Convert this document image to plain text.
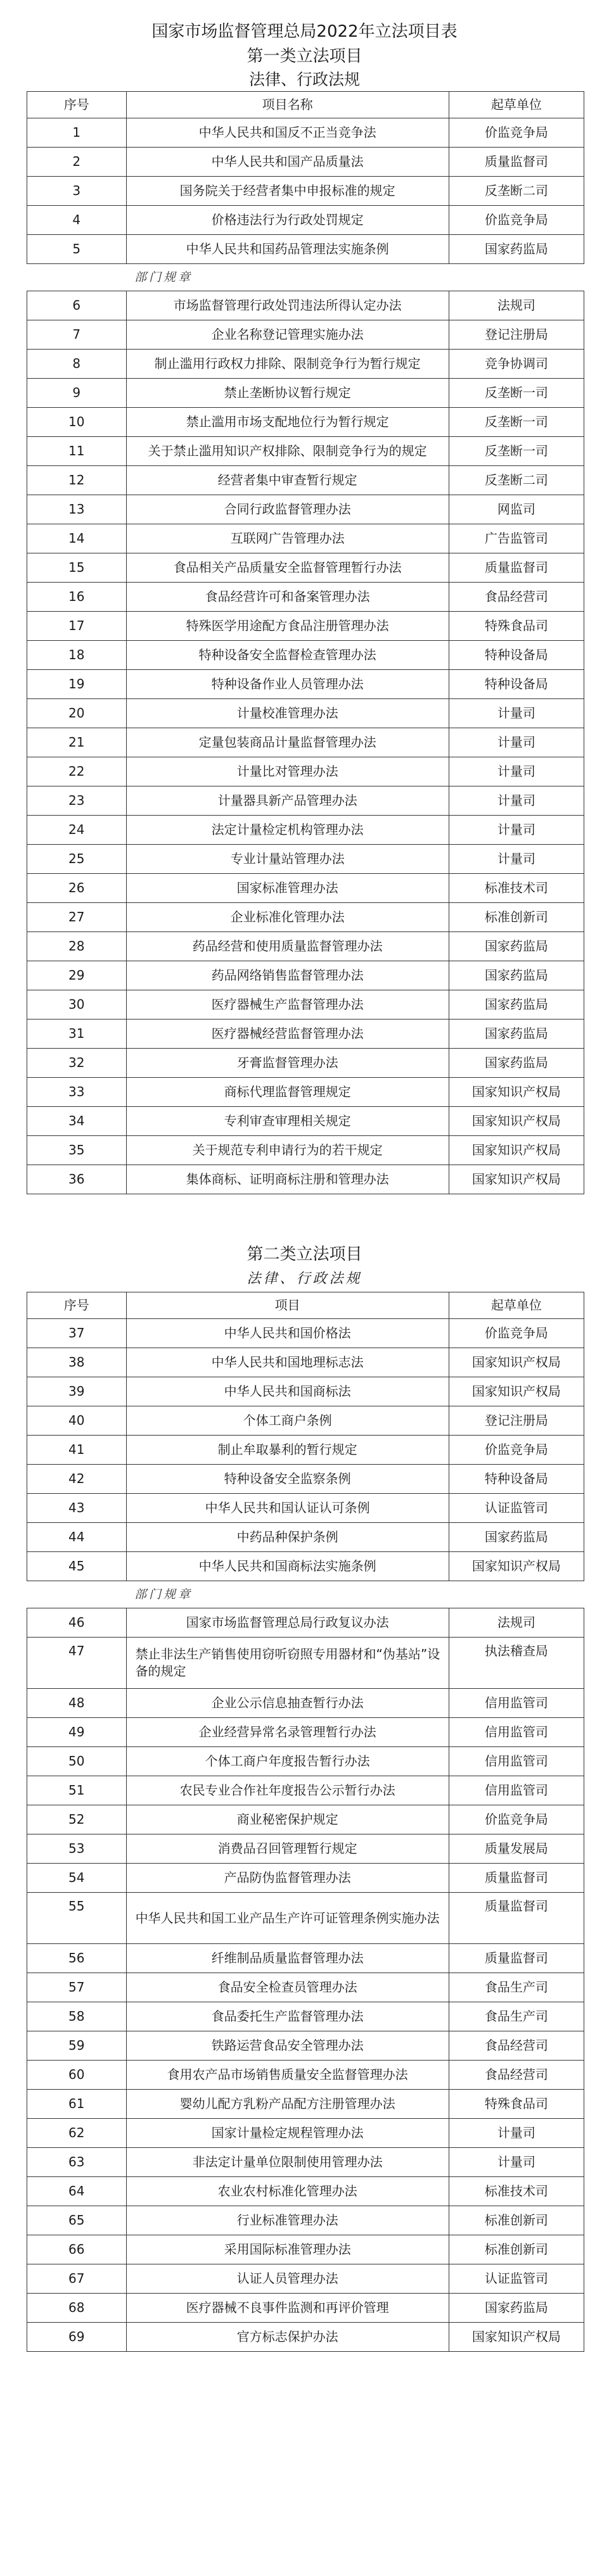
国家市场监督管理总局2022年立法项目表
第一类立法项目
法律、行政法规
序号	项目名称	起草单位
1	中华人民共和国反不正当竞争法	价监竞争局
2	中华人民共和国产品质量法	质量监督司
3	国务院关于经营者集中申报标准的规定	反垄断二司
4	价格违法行为行政处罚规定	价监竞争局
5	中华人民共和国药品管理法实施条例	国家药监局
部门规章
6	市场监督管理行政处罚违法所得认定办法	法规司
7	企业名称登记管理实施办法	登记注册局
8	制止滥用行政权力排除、限制竞争行为暂行规定	竞争协调司
9	禁止垄断协议暂行规定	反垄断一司
10	禁止滥用市场支配地位行为暂行规定	反垄断一司
11	关于禁止滥用知识产权排除、限制竞争行为的规定	反垄断一司
12	经营者集中审查暂行规定	反垄断二司
13	合同行政监督管理办法	网监司
14	互联网广告管理办法	广告监管司
15	食品相关产品质量安全监督管理暂行办法	质量监督司
16	食品经营许可和备案管理办法	食品经营司
17	特殊医学用途配方食品注册管理办法	特殊食品司
18	特种设备安全监督检查管理办法	特种设备局
19	特种设备作业人员管理办法	特种设备局
20	计量校准管理办法	计量司
21	定量包装商品计量监督管理办法	计量司
22	计量比对管理办法	计量司
23	计量器具新产品管理办法	计量司
24	法定计量检定机构管理办法	计量司
25	专业计量站管理办法	计量司
26	国家标准管理办法	标准技术司
27	企业标准化管理办法	标准创新司
28	药品经营和使用质量监督管理办法	国家药监局
29	药品网络销售监督管理办法	国家药监局
30	医疗器械生产监督管理办法	国家药监局
31	医疗器械经营监督管理办法	国家药监局
32	牙膏监督管理办法	国家药监局
33	商标代理监督管理规定	国家知识产权局
34	专利审查审理相关规定	国家知识产权局
35	关于规范专利申请行为的若干规定	国家知识产权局
36	集体商标、证明商标注册和管理办法	国家知识产权局
第二类立法项目
法律、行政法规
序号	项目	起草单位
37	中华人民共和国价格法	价监竞争局
38	中华人民共和国地理标志法	国家知识产权局
39	中华人民共和国商标法	国家知识产权局
40	个体工商户条例	登记注册局
41	制止牟取暴利的暂行规定	价监竞争局
42	特种设备安全监察条例	特种设备局
43	中华人民共和国认证认可条例	认证监管司
44	中药品种保护条例	国家药监局
45	中华人民共和国商标法实施条例	国家知识产权局
部门规章
46	国家市场监督管理总局行政复议办法	法规司
47	禁止非法生产销售使用窃听窃照专用器材和“伪基站”设备的规定	执法稽查局
48	企业公示信息抽查暂行办法	信用监管司
49	企业经营异常名录管理暂行办法	信用监管司
50	个体工商户年度报告暂行办法	信用监管司
51	农民专业合作社年度报告公示暂行办法	信用监管司
52	商业秘密保护规定	价监竞争局
53	消费品召回管理暂行规定	质量发展局
54	产品防伪监督管理办法	质量监督司
55	中华人民共和国工业产品生产许可证管理条例实施办法	质量监督司
56	纤维制品质量监督管理办法	质量监督司
57	食品安全检查员管理办法	食品生产司
58	食品委托生产监督管理办法	食品生产司
59	铁路运营食品安全管理办法	食品经营司
60	食用农产品市场销售质量安全监督管理办法	食品经营司
61	婴幼儿配方乳粉产品配方注册管理办法	特殊食品司
62	国家计量检定规程管理办法	计量司
63	非法定计量单位限制使用管理办法	计量司
64	农业农村标准化管理办法	标准技术司
65	行业标准管理办法	标准创新司
66	采用国际标准管理办法	标准创新司
67	认证人员管理办法	认证监管司
68	医疗器械不良事件监测和再评价管理	国家药监局
69	官方标志保护办法	国家知识产权局
